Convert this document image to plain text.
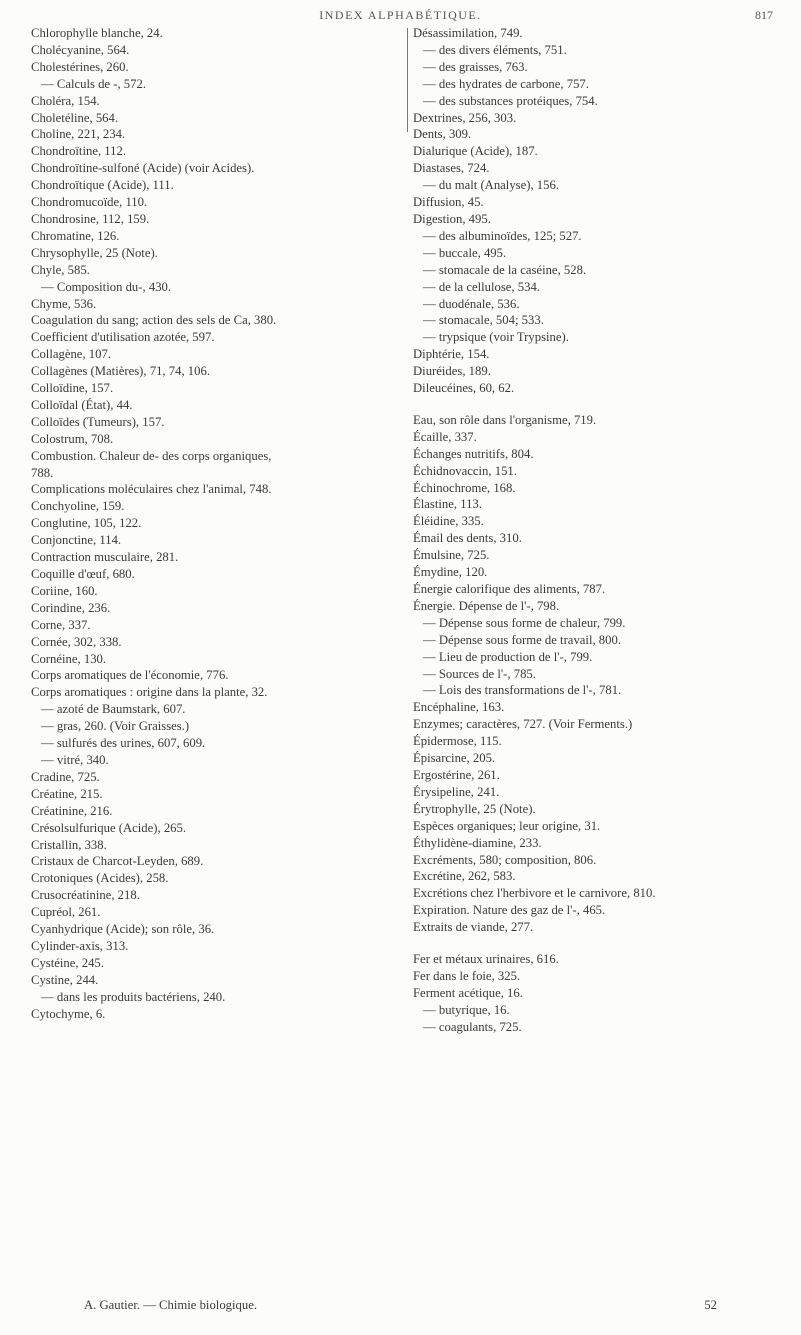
INDEX ALPHABÉTIQUE.	817
Chlorophylle blanche, 24.
Cholécyanine, 564.
Cholestérines, 260.
— Calculs de -, 572.
Choléra, 154.
Choletéline, 564.
Choline, 221, 234.
Chondroïtine, 112.
Chondroïtine-sulfoné (Acide) (voir Acides).
Chondroïtique (Acide), 111.
Chondromucoïde, 110.
Chondrosine, 112, 159.
Chromatine, 126.
Chrysophylle, 25 (Note).
Chyle, 585.
— Composition du-, 430.
Chyme, 536.
Coagulation du sang; action des sels de Ca, 380.
Coefficient d'utilisation azotée, 597.
Collagène, 107.
Collagènes (Matières), 71, 74, 106.
Colloïdine, 157.
Colloïdal (État), 44.
Colloïdes (Tumeurs), 157.
Colostrum, 708.
Combustion. Chaleur de- des corps organiques,
788.
Complications moléculaires chez l'animal, 748.
Conchyoline, 159.
Conglutine, 105, 122.
Conjonctine, 114.
Contraction musculaire, 281.
Coquille d'œuf, 680.
Coriine, 160.
Corindine, 236.
Corne, 337.
Cornée, 302, 338.
Cornéine, 130.
Corps aromatiques de l'économie, 776.
Corps aromatiques : origine dans la plante, 32.
— azoté de Baumstark, 607.
— gras, 260. (Voir Graisses.)
— sulfurés des urines, 607, 609.
— vitré, 340.
Cradine, 725.
Créatine, 215.
Créatinine, 216.
Crésolsulfurique (Acide), 265.
Cristallin, 338.
Cristaux de Charcot-Leyden, 689.
Crotoniques (Acides), 258.
Crusocréatinine, 218.
Cupréol, 261.
Cyanhydrique (Acide); son rôle, 36.
Cylinder-axis, 313.
Cystéine, 245.
Cystine, 244.
— dans les produits bactériens, 240.
Cytochyme, 6.
Désassimilation, 749.
— des divers éléments, 751.
— des graisses, 763.
— des hydrates de carbone, 757.
— des substances protéiques, 754.
Dextrines, 256, 303.
Dents, 309.
Dialurique (Acide), 187.
Diastases, 724.
— du malt (Analyse), 156.
Diffusion, 45.
Digestion, 495.
— des albuminoïdes, 125; 527.
— buccale, 495.
— stomacale de la caséine, 528.
— de la cellulose, 534.
— duodénale, 536.
— stomacale, 504; 533.
— trypsique (voir Trypsine).
Diphtérie, 154.
Diuréides, 189.
Dileucéines, 60, 62.
Eau, son rôle dans l'organisme, 719.
Écaille, 337.
Échanges nutritifs, 804.
Échidnovaccin, 151.
Échinochrome, 168.
Élastine, 113.
Éléidine, 335.
Émail des dents, 310.
Émulsine, 725.
Émydine, 120.
Énergie calorifique des aliments, 787.
Énergie. Dépense de l'-, 798.
— Dépense sous forme de chaleur, 799.
— Dépense sous forme de travail, 800.
— Lieu de production de l'-, 799.
— Sources de l'-, 785.
— Lois des transformations de l'-, 781.
Encéphaline, 163.
Enzymes; caractères, 727. (Voir Ferments.)
Épidermose, 115.
Épisarcine, 205.
Ergostérine, 261.
Érysipeline, 241.
Érytrophylle, 25 (Note).
Espèces organiques; leur origine, 31.
Éthylidène-diamine, 233.
Excréments, 580; composition, 806.
Excrétine, 262, 583.
Excrétions chez l'herbivore et le carnivore, 810.
Expiration. Nature des gaz de l'-, 465.
Extraits de viande, 277.
Fer et métaux urinaires, 616.
Fer dans le foie, 325.
Ferment acétique, 16.
— butyrique, 16.
— coagulants, 725.
A. Gautier. — Chimie biologique.	52
